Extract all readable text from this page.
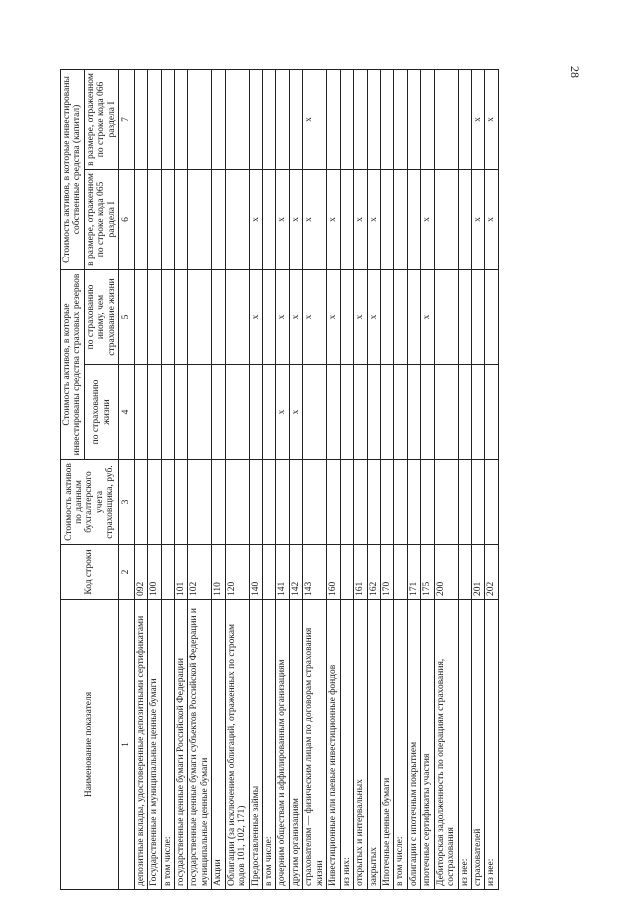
28
Наименование показателя	Код строки	Стоимость активов по данным бухгалтерского учета страховщика, руб.	Стоимость активов, в которые инвестированы средства страховых резервов		Стоимость активов, в которые инвестированы собственные средства (капитал)	
			по страхованию жизни	по страхованию иному, чем страхование жизни	в размере, отраженном по строке кода 065 раздела I	в размере, отраженном по строке кода 066 раздела I
1	2	3	4	5	6	7
депозитные вклады, удостоверенные депозитными сертификатами	092					
Государственные и муниципальные ценные бумаги	100					
в том числе:						
государственные ценные бумаги Российской Федерации	101					
государственные ценные бумаги субъектов Российской Федерации и муниципальные ценные бумаги	102					
Акции	110					
Облигации (за исключением облигаций, отраженных по строкам кодов 101, 102, 171)	120					
Предоставленные займы	140			x	x	
в том числе:						
дочерним обществам и аффилированным организациям	141		x	x	x	
другим организациям	142		x	x	x	
страхователям — физическим лицам по договорам страхования жизни	143			x	x	x
Инвестиционные или паевые инвестиционные фондов	160			x	x	
из них:						
открытых и интервальных	161			x	x	
закрытых	162			x	x	
Ипотечные ценные бумаги	170					
в том числе:						
облигации с ипотечным покрытием	171					
ипотечные сертификаты участия	175			x	x	
Дебиторская задолженность по операциям страхования, сострахования	200					
из нее:						
страхователей	201				x	x
из нее:	202				x	x
